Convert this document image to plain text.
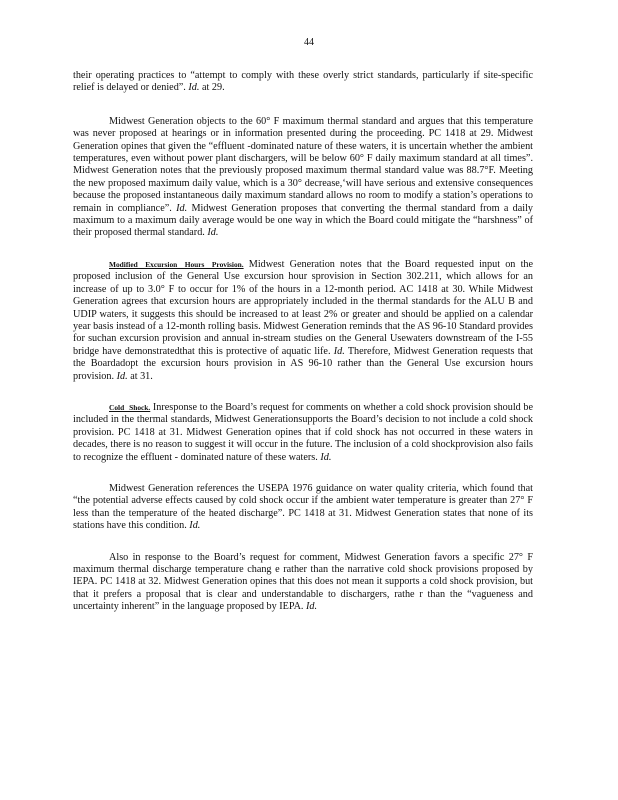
44

their operating practices to “attempt to comply with these overly strict standards, particularly if site-specific relief is delayed or denied”. Id. at 29.

Midwest Generation objects to the 60° F maximum thermal standard and argues that this temperature was never proposed at hearings or in information presented during the proceeding. PC 1418 at 29. Midwest Generation opines that given the “effluent -dominated nature of these waters, it is uncertain whether the ambient temperatures, even without power plant dischargers, will be below 60° F daily maximum standard at all times”. Midwest Generation notes that the previously proposed maximum thermal standard value was 88.7°F. Meeting the new proposed maximum daily value, which is a 30° decrease,‘will have serious and extensive consequences because the proposed instantaneous daily maximum standard allows no room to modify a station’s operations to remain in compliance”. Id. Midwest Generation proposes that converting the thermal standard from a daily maximum to a maximum daily average would be one way in which the Board could mitigate the “harshness” of their proposed thermal standard. Id.

Modified Excursion Hours Provision. Midwest Generation notes that the Board requested input on the proposed inclusion of the General Use excursion hour sprovision in Section 302.211, which allows for an increase of up to 3.0° F to occur for 1% of the hours in a 12-month period. AC 1418 at 30. While Midwest Generation agrees that excursion hours are appropriately included in the thermal standards for the ALU B and UDIP waters, it suggests this should be increased to at least 2% or greater and should be applied on a calendar year basis instead of a 12-month rolling basis. Midwest Generation reminds that the AS 96-10 Standard provides for suchan excursion provision and annual in-stream studies on the General Usewaters downstream of the I-55 bridge have demonstratedthat this is protective of aquatic life. Id. Therefore, Midwest Generation requests that the Boardadopt the excursion hours provision in AS 96-10 rather than the General Use excursion hours provision. Id. at 31.

Cold Shock. Inresponse to the Board’s request for comments on whether a cold shock provision should be included in the thermal standards, Midwest Generationsupports the Board’s decision to not include a cold shock provision. PC 1418 at 31. Midwest Generation opines that if cold shock has not occurred in these waters in decades, there is no reason to suggest it will occur in the future. The inclusion of a cold shockprovision also fails to recognize the effluent - dominated nature of these waters. Id.

Midwest Generation references the USEPA 1976 guidance on water quality criteria, which found that “the potential adverse effects caused by cold shock occur if the ambient water temperature is greater than 27° F less than the temperature of the heated discharge”. PC 1418 at 31. Midwest Generation states that none of its stations have this condition. Id.

Also in response to the Board’s request for comment, Midwest Generation favors a specific 27° F maximum thermal discharge temperature chang e rather than the narrative cold shock provisions proposed by IEPA. PC 1418 at 32. Midwest Generation opines that this does not mean it supports a cold shock provision, but that it prefers a proposal that is clear and understandable to dischargers, rathe r than the “vagueness and uncertainty inherent” in the language proposed by IEPA. Id.
